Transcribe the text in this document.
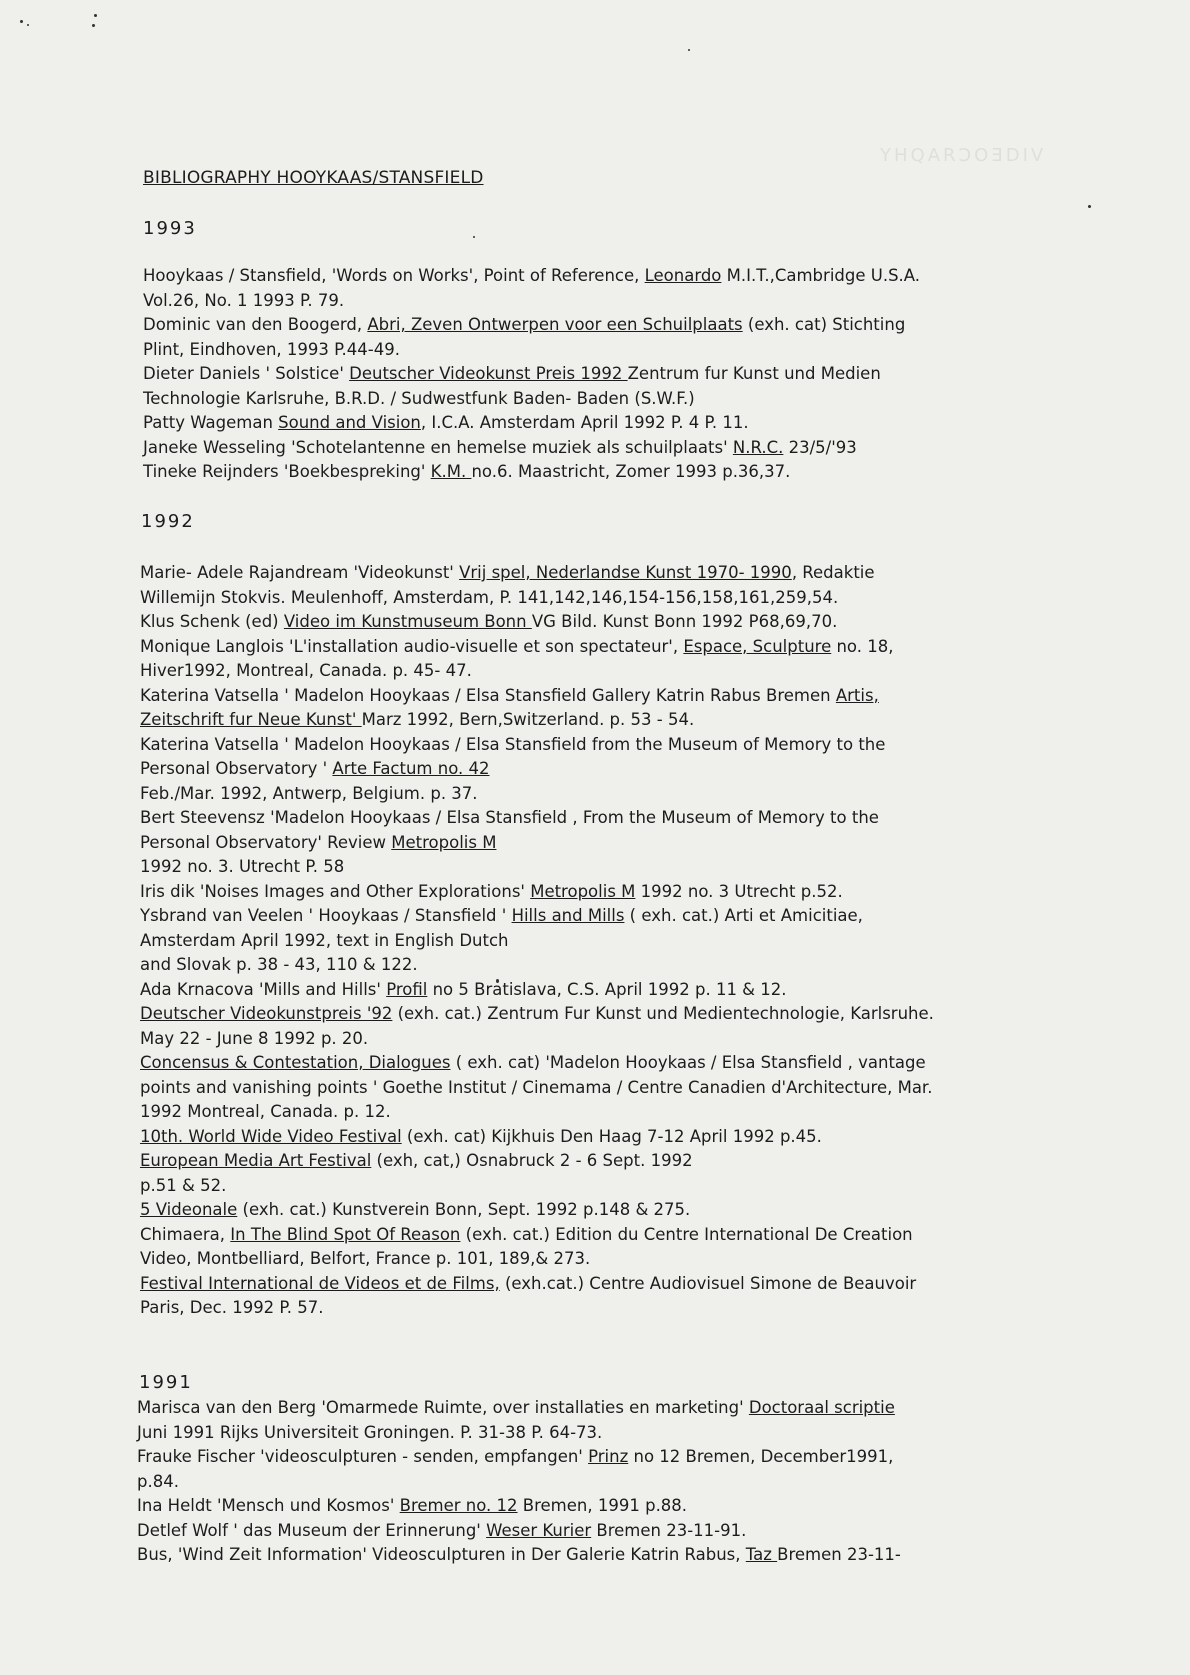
YHQARƆOƎDIV
BIBLIOGRAPHY HOOYKAAS/STANSFIELD
1993
Hooykaas / Stansfield, 'Words on Works', Point of Reference, Leonardo M.I.T.,Cambridge U.S.A.
Vol.26, No. 1 1993 P. 79.
Dominic van den Boogerd, Abri, Zeven Ontwerpen voor een Schuilplaats (exh. cat) Stichting
Plint, Eindhoven, 1993 P.44-49.
Dieter Daniels ' Solstice' Deutscher Videokunst Preis 1992 Zentrum fur Kunst und Medien
Technologie Karlsruhe, B.R.D. / Sudwestfunk Baden- Baden (S.W.F.)
Patty Wageman Sound and Vision, I.C.A. Amsterdam April 1992 P. 4 P. 11.
Janeke Wesseling 'Schotelantenne en hemelse muziek als schuilplaats' N.R.C. 23/5/'93
Tineke Reijnders 'Boekbespreking' K.M. no.6. Maastricht, Zomer 1993 p.36,37.
1992
Marie- Adele Rajandream 'Videokunst' Vrij spel, Nederlandse Kunst 1970- 1990, Redaktie
Willemijn Stokvis. Meulenhoff, Amsterdam, P. 141,142,146,154-156,158,161,259,54.
Klus Schenk (ed) Video im Kunstmuseum Bonn VG Bild. Kunst Bonn 1992 P68,69,70.
Monique Langlois 'L'installation audio-visuelle et son spectateur', Espace, Sculpture no. 18,
Hiver1992, Montreal, Canada. p. 45- 47.
Katerina Vatsella ' Madelon Hooykaas / Elsa Stansfield Gallery Katrin Rabus Bremen Artis,
Zeitschrift fur Neue Kunst' Marz 1992, Bern,Switzerland. p. 53 - 54.
Katerina Vatsella ' Madelon Hooykaas / Elsa Stansfield from the Museum of Memory to the
Personal Observatory ' Arte Factum no. 42
Feb./Mar. 1992, Antwerp, Belgium. p. 37.
Bert Steevensz 'Madelon Hooykaas / Elsa Stansfield , From the Museum of Memory to the
Personal Observatory' Review Metropolis M
1992 no. 3. Utrecht P. 58
Iris dik 'Noises Images and Other Explorations' Metropolis M 1992 no. 3 Utrecht p.52.
Ysbrand van Veelen ' Hooykaas / Stansfield ' Hills and Mills ( exh. cat.) Arti et Amicitiae,
Amsterdam April 1992, text in English Dutch
and Slovak p. 38 - 43, 110 & 122.
Ada Krnacova 'Mills and Hills' Profil no 5 Bratislava, C.S. April 1992 p. 11 & 12.
Deutscher Videokunstpreis '92 (exh. cat.) Zentrum Fur Kunst und Medientechnologie, Karlsruhe.
May 22 - June 8 1992 p. 20.
Concensus & Contestation, Dialogues ( exh. cat) 'Madelon Hooykaas / Elsa Stansfield , vantage
points and vanishing points ' Goethe Institut / Cinemama / Centre Canadien d'Architecture, Mar.
1992 Montreal, Canada. p. 12.
10th. World Wide Video Festival (exh. cat) Kijkhuis Den Haag 7-12 April 1992 p.45.
European Media Art Festival (exh, cat,) Osnabruck 2 - 6 Sept. 1992
p.51 & 52.
5 Videonale (exh. cat.) Kunstverein Bonn, Sept. 1992 p.148 & 275.
Chimaera, In The Blind Spot Of Reason (exh. cat.) Edition du Centre International De Creation
Video, Montbelliard, Belfort, France p. 101, 189,& 273.
Festival International de Videos et de Films, (exh.cat.) Centre Audiovisuel Simone de Beauvoir
Paris, Dec. 1992 P. 57.
1991
Marisca van den Berg 'Omarmede Ruimte, over installaties en marketing' Doctoraal scriptie
Juni 1991 Rijks Universiteit Groningen. P. 31-38 P. 64-73.
Frauke Fischer 'videosculpturen - senden, empfangen' Prinz no 12 Bremen, December1991,
p.84.
Ina Heldt 'Mensch und Kosmos' Bremer no. 12 Bremen, 1991 p.88.
Detlef Wolf ' das Museum der Erinnerung' Weser Kurier Bremen 23-11-91.
Bus, 'Wind Zeit Information' Videosculpturen in Der Galerie Katrin Rabus, Taz Bremen 23-11-
